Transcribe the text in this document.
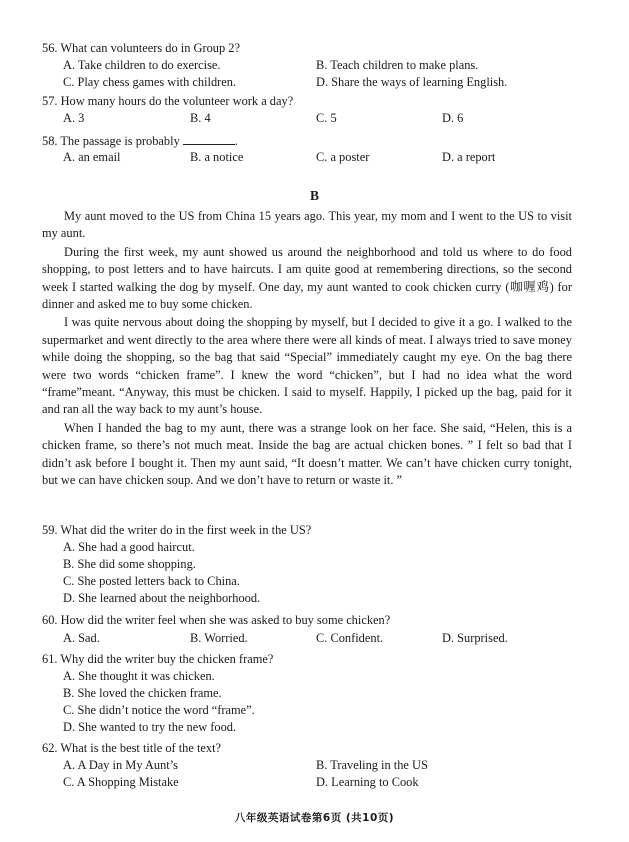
56. What can volunteers do in Group 2?
A. Take children to do exercise.	B. Teach children to make plans.
C. Play chess games with children.	D. Share the ways of learning English.
57. How many hours do the volunteer work a day?
A. 3	B. 4	C. 5	D. 6
58. The passage is probably	.
A. an email	B. a notice	C. a poster	D. a report
B

My aunt moved to the US from China 15 years ago. This year, my mom and I went to the US to visit my aunt.

During the first week, my aunt showed us around the neighborhood and told us where to do food shopping, to post letters and to have haircuts. I am quite good at remembering directions, so the second week I started walking the dog by myself. One day, my aunt wanted to cook chicken curry (咖喱鸡) for dinner and asked me to buy some chicken.

I was quite nervous about doing the shopping by myself, but I decided to give it a go. I walked to the supermarket and went directly to the area where there were all kinds of meat. I always tried to save money while doing the shopping, so the bag that said “Special” immediately caught my eye. On the bag there were two words “chicken frame”. I knew the word “chicken”, but I had no idea what the word “frame”meant. “Anyway, this must be chicken. I said to myself. Happily, I picked up the bag, paid for it and ran all the way back to my aunt’s house.

When I handed the bag to my aunt, there was a strange look on her face. She said, “Helen, this is a chicken frame, so there’s not much meat. Inside the bag are actual chicken bones. ” I felt so bad that I didn’t ask before I bought it. Then my aunt said, “It doesn’t matter. We can’t have chicken curry tonight, but we can have chicken soup. And we don’t have to return or waste it. ”

59. What did the writer do in the first week in the US?
A. She had a good haircut.
B. She did some shopping.
C. She posted letters back to China.
D. She learned about the neighborhood.
60. How did the writer feel when she was asked to buy some chicken?
A. Sad.	B. Worried.	C. Confident.	D. Surprised.
61. Why did the writer buy the chicken frame?
A. She thought it was chicken.
B. She loved the chicken frame.
C. She didn’t notice the word “frame”.
D. She wanted to try the new food.
62. What is the best title of the text?
A. A Day in My Aunt’s	B. Traveling in the US
C. A Shopping Mistake	D. Learning to Cook
八年级英语试卷第6页 (共10页)
